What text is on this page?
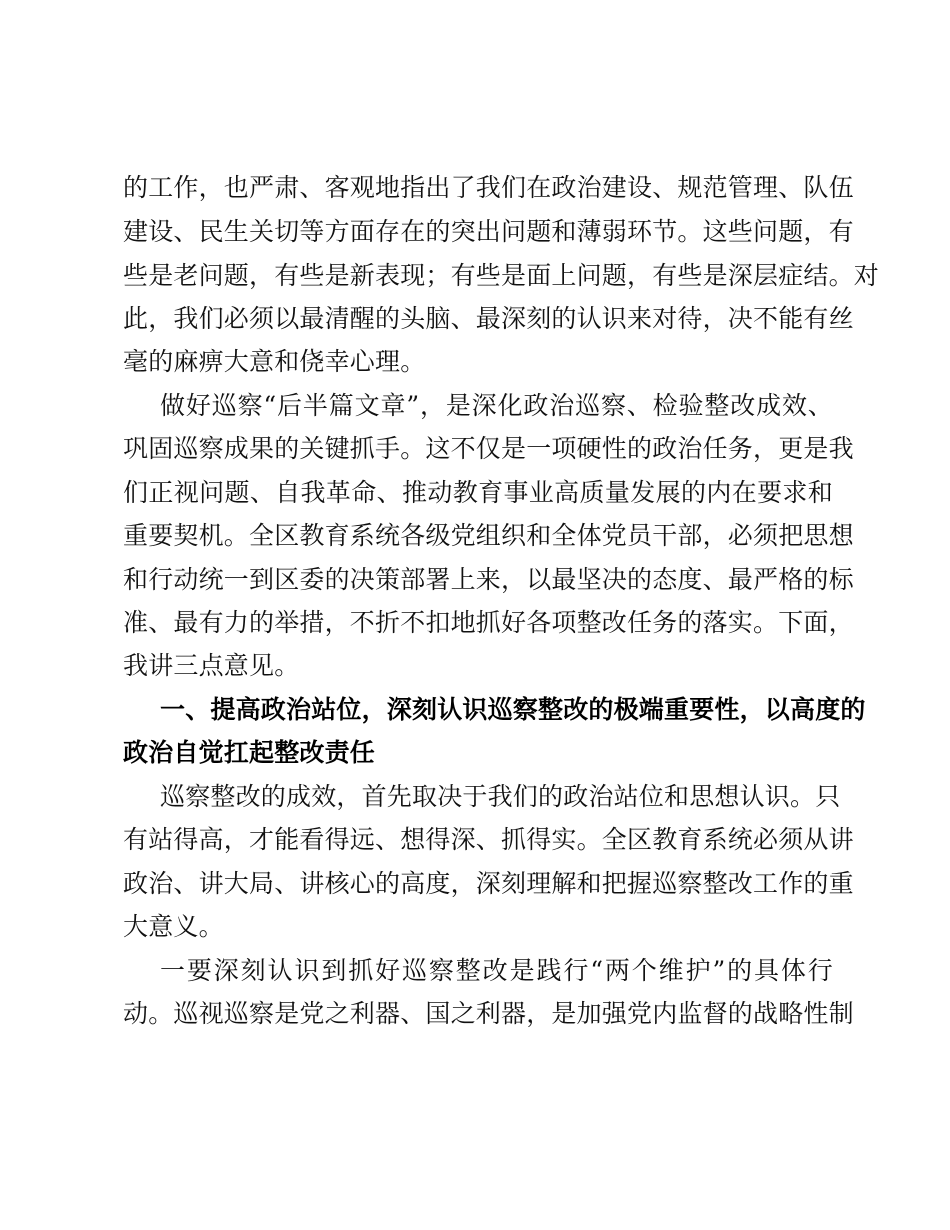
的工作，也严肃、客观地指出了我们在政治建设、规范管理、队伍
建设、民生关切等方面存在的突出问题和薄弱环节。这些问题，有
些是老问题，有些是新表现；有些是面上问题，有些是深层症结。对
此，我们必须以最清醒的头脑、最深刻的认识来对待，决不能有丝
毫的麻痹大意和侥幸心理。
做好巡察“后半篇文章”，是深化政治巡察、检验整改成效、
巩固巡察成果的关键抓手。这不仅是一项硬性的政治任务，更是我
们正视问题、自我革命、推动教育事业高质量发展的内在要求和
重要契机。全区教育系统各级党组织和全体党员干部，必须把思想
和行动统一到区委的决策部署上来，以最坚决的态度、最严格的标
准、最有力的举措，不折不扣地抓好各项整改任务的落实。下面，
我讲三点意见。
一、提高政治站位，深刻认识巡察整改的极端重要性，以高度的
政治自觉扛起整改责任
巡察整改的成效，首先取决于我们的政治站位和思想认识。只
有站得高，才能看得远、想得深、抓得实。全区教育系统必须从讲
政治、讲大局、讲核心的高度，深刻理解和把握巡察整改工作的重
大意义。
一要深刻认识到抓好巡察整改是践行“两个维护”的具体行
动。巡视巡察是党之利器、国之利器，是加强党内监督的战略性制
